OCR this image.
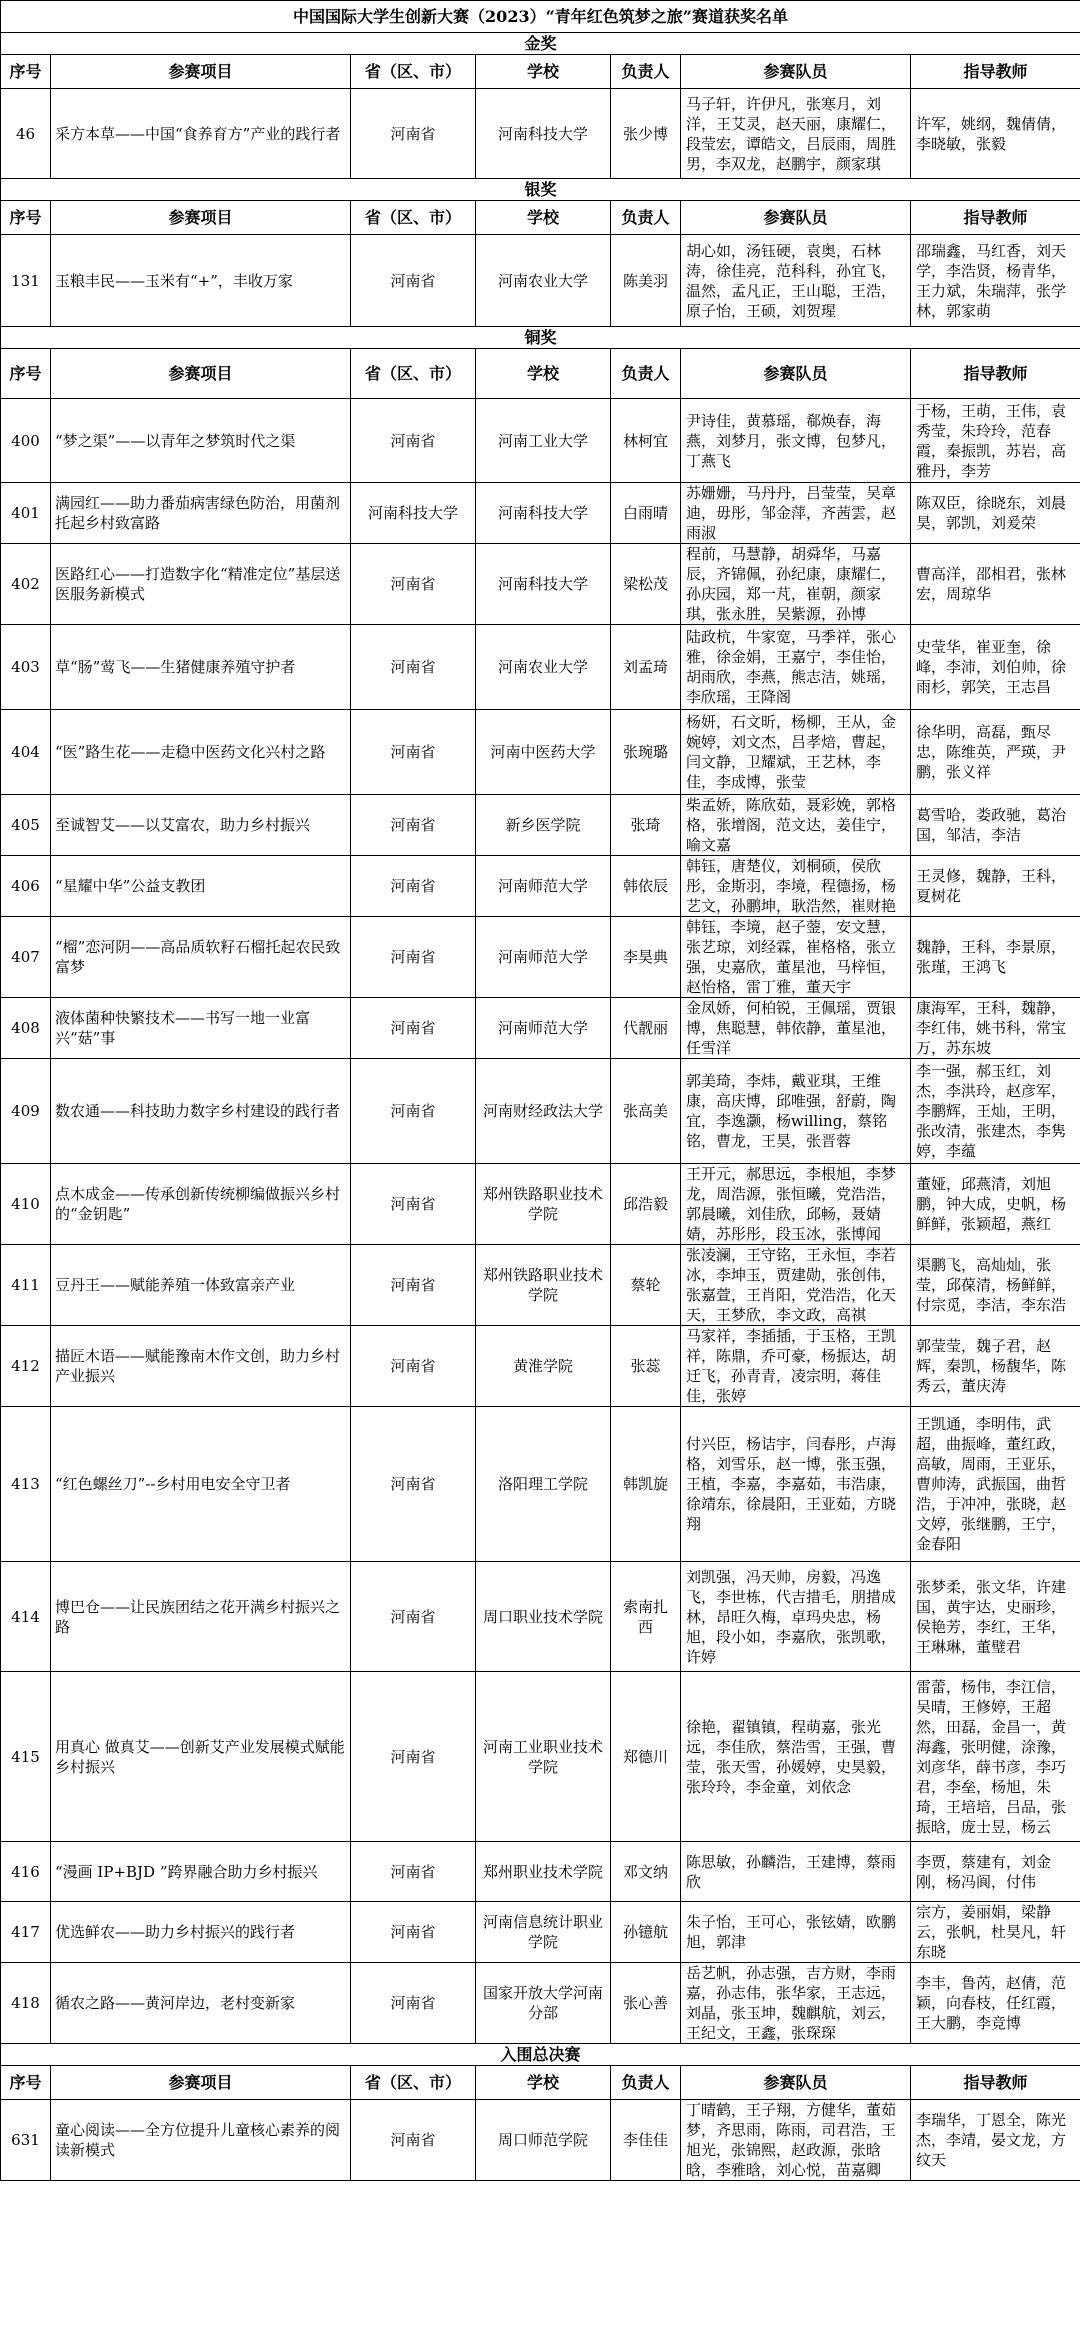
中国国际大学生创新大赛（2023）“青年红色筑梦之旅”赛道获奖名单						
金奖						
序号	参赛项目	省（区、市）	学校	负责人	参赛队员	指导教师
46	采方本草——中国“食养育方”产业的践行者	河南省	河南科技大学	张少博	马子轩，许伊凡，张寒月，刘洋，王艾灵，赵天丽，康耀仁，段莹宏，谭皓文，吕辰雨，周胜男，李双龙，赵鹏宇，颜家琪	许军，姚纲，魏倩倩，李晓敏，张毅
银奖						
序号	参赛项目	省（区、市）	学校	负责人	参赛队员	指导教师
131	玉粮丰民——玉米有“+”，丰收万家	河南省	河南农业大学	陈美羽	胡心如，汤钰硬，袁奥，石林涛，徐佳亮，范科科，孙宜飞，温然，孟凡正，王山聪，王浩，原子怡，王硕，刘贺瑆	邵瑞鑫，马红香，刘天学，李浩贤，杨青华，王力斌，朱瑞萍，张学林，郭家萌
铜奖						
序号	参赛项目	省（区、市）	学校	负责人	参赛队员	指导教师
400	“梦之渠”——以青年之梦筑时代之渠	河南省	河南工业大学	林柯宜	尹诗佳，黄慕瑶，郗焕春，海燕，刘梦月，张文博，包梦凡，丁燕飞	于杨，王萌，王伟，袁秀莹，朱玲玲，范春霞，秦振凯，苏岩，高雅丹，李芳
401	满园红——助力番茄病害绿色防治，用菌剂托起乡村致富路	河南科技大学	河南科技大学	白雨晴	苏姗姗，马丹丹，吕莹莹，吴章迪，毋彤，邹金萍，齐茜雲，赵雨淑	陈双臣，徐晓东，刘晨昊，郭凯，刘爰荣
402	医路红心——打造数字化“精准定位”基层送医服务新模式	河南省	河南科技大学	梁松茂	程前，马慧静，胡舜华，马嘉辰，齐锦佩，孙纪康，康耀仁，孙庆园，郑一芃，崔朝，颜家琪，张永胜，吴紫源，孙博	曹高洋，邵相君，张林宏，周琼华
403	草“肠”莺飞——生猪健康养殖守护者	河南省	河南农业大学	刘孟琦	陆政杭，牛家宽，马季祥，张心雅，徐金娟，王嘉宁，李佳怡，胡雨欣，李燕，熊志洁，姚瑶，李欣瑶，王降阁	史莹华，崔亚奎，徐峰，李沛，刘伯帅，徐雨杉，郭笑，王志昌
404	“医”路生花——走稳中医药文化兴村之路	河南省	河南中医药大学	张琬璐	杨妍，石文昕，杨柳，王从，金婉婷，刘文杰，吕孝焙，曹起，闫文静，卫耀斌，王艺林，李佳，李成博，张莹	徐华明，高磊，甄尽忠，陈维英，严瑛，尹鹏，张义祥
405	至诚智艾——以艾富农，助力乡村振兴	河南省	新乡医学院	张琦	柴孟娇，陈欣茹，聂彩娩，郭格格，张增阁，范文达，姜佳宁，喻文嘉	葛雪哈，娄政驰，葛治国，邹洁，李洁
406	“星耀中华”公益支教团	河南省	河南师范大学	韩依辰	韩钰，唐楚仪，刘桐硕，侯欣彤，金斯羽，李境，程德扬，杨艺文，孙鹏坤，耿浩然，崔财艳	王灵修，魏静，王科，夏树花
407	“榴”恋河阴——高品质软籽石榴托起农民致富梦	河南省	河南师范大学	李昊典	韩钰，李境，赵子蓥，安文慧，张艺琼，刘经霖，崔格格，张立强，史嘉欣，董星池，马梓恒，赵怡格，雷丁雅，董天宇	魏静，王科，李景原，张瑾，王鸿飞
408	液体菌种快繁技术——书写一地一业富兴“菇”事	河南省	河南师范大学	代靓丽	金凤娇，何柏锐，王佩瑶，贾银博，焦聪慧，韩依静，董星池，任雪洋	康海军，王科，魏静，李红伟，姚书科，常宝万，苏东坡
409	数农通——科技助力数字乡村建设的践行者	河南省	河南财经政法大学	张高美	郭美琦，李炜，戴亚琪，王维康，高庆博，邱唯强，舒蔚，陶宜，李逸灏，杨willing，蔡铭铭，曹龙，王昊，张晋蓉	李一强，郝玉红，刘杰，李洪玲，赵彦军，李鹏辉，王灿，王明，张改清，张建杰，李隽婷，李蕴
410	点木成金——传承创新传统柳编做振兴乡村的“金钥匙”	河南省	郑州铁路职业技术学院	邱浩毅	王开元，郝思远，李根旭，李梦龙，周浩源，张恒曦，党浩浩，郭晨曦，刘佳欣，邱畅，聂婧婧，苏彤彤，段玉冰，张博闻	董娅，邱燕清，刘旭鹏，钟大成，史帆，杨鲜鲜，张颖超，燕红
411	豆丹王——赋能养殖一体致富亲产业	河南省	郑州铁路职业技术学院	蔡轮	张凌澜，王守铭，王永恒，李若冰，李坤玉，贾建勋，张创伟，张嘉萱，王肖阳，党浩浩，化天天，王梦欣，李文政，高祺	渠鹏飞，高灿灿，张莹，邱葆清，杨鲜鲜，付宗觅，李洁，李东浩
412	描匠木语——赋能豫南木作文创，助力乡村产业振兴	河南省	黄淮学院	张蕊	马家祥，李插插，于玉格，王凯祥，陈鼎，乔可豪，杨振达，胡迁飞，孙青青，凌宗明，蒋佳佳，张婷	郭莹莹，魏子君，赵辉，秦凯，杨馥华，陈秀云，董庆涛
413	“红色螺丝刀”--乡村用电安全守卫者	河南省	洛阳理工学院	韩凯旋	付兴臣，杨诘宇，闫春彤，卢海格，刘雪乐，赵一博，张玉强，王植，李嘉，李嘉茹，韦浩康，徐靖东，徐晨阳，王亚茹，方晓翔	王凯通，李明伟，武超，曲振峰，董红政，高敏，周雨，王亚乐，曹帅涛，武振国，曲哲浩，于冲冲，张晓，赵文婷，张继鹏，王宁，金春阳
414	博巴仓——让民族团结之花开满乡村振兴之路	河南省	周口职业技术学院	索南扎西	刘凯强，冯天帅，房毅，冯逸飞，李世栋，代吉措毛，朋措成林，昂旺久梅，卓玛央忠，杨旭，段小如，李嘉欣，张凯歌，许婷	张梦柔，张文华，许建国，黄宇达，史丽珍，侯艳芳，李红，王华，王琳琳，董璧君
415	用真心 做真艾——创新艾产业发展模式赋能乡村振兴	河南省	河南工业职业技术学院	郑德川	徐艳，翟镇镇，程萌嘉，张光远，李佳欣，蔡浩雪，王强，曹莹，张天雪，孙媛婷，史昊毅，张玲玲，李金童，刘依念	雷蕾，杨伟，李江信，吴晴，王修婷，王超然，田磊，金昌一，黄海鑫，张明健，涂豫，刘彦华，薛书彦，李巧君，李垒，杨旭，朱琦，王培培，吕品，张振晗，庞士昱，杨云
416	“漫画 IP+BJD ”跨界融合助力乡村振兴	河南省	郑州职业技术学院	邓文纳	陈思敏，孙麟浩，王建博，蔡雨欣	李贾，蔡建有，刘金刚，杨冯阆，付伟
417	优选鲜农——助力乡村振兴的践行者	河南省	河南信息统计职业学院	孙镱航	朱子怡，王可心，张铉婧，欧鹏旭，郭津	宗方，姜丽娟，梁静云，张帆，杜昊凡，轩东晓
418	循农之路——黄河岸边，老村变新家	河南省	国家开放大学河南分部	张心善	岳艺帆，孙志强，吉方财，李雨嘉，孙志伟，张华家，王志远，刘晶，张玉坤，魏麒航，刘云，王纪文，王鑫，张琛琛	李丰，鲁芮，赵倩，范颖，向春枝，任红霞，王大鹏，李竞博
入围总决赛						
序号	参赛项目	省（区、市）	学校	负责人	参赛队员	指导教师
631	童心阅读——全方位提升儿童核心素养的阅读新模式	河南省	周口师范学院	李佳佳	丁晴鹤，王子翔，方健华，董茹梦，齐思雨，陈雨，司君浩，王旭光，张锦熙，赵政源，张晗晗，李雅晗，刘心悦，苗嘉卿	李瑞华，丁恩全，陈光杰，李靖，晏文龙，方纹天
